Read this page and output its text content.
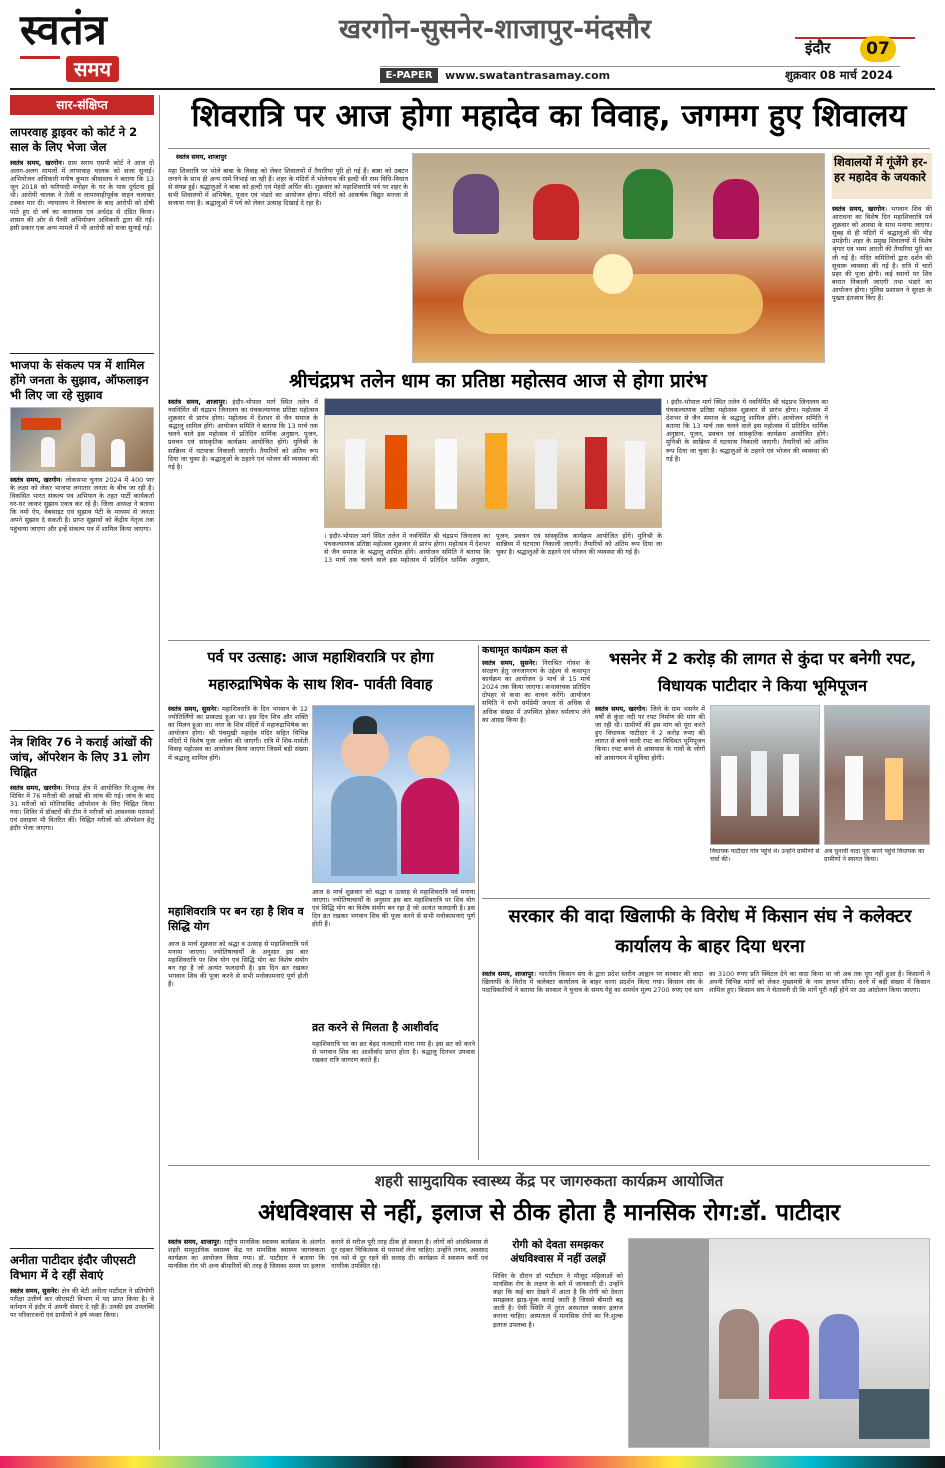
स्वतंत्र
समय
खरगोन-सुसनेर-शाजापुर-मंदसौर
इंदौर	07
E-PAPER	www.swatantrasamay.com	शुक्रवार 08 मार्च 2024
सार-संक्षिप्त
लापरवाह ड्राइवर को कोर्ट ने 2 साल के लिए भेजा जेल
स्वतंत्र समय, खरगोन। ग्राम सराय एसपी कोर्ट ने आज दो अलग-अलग मामलों में लापरवाह चालक को सजा सुनाई। अभियोजन अधिकारी मनीष कुमार श्रीवास्तव ने बताया कि 13 जून 2018 को फरियादी मनोहर के घर के पास दुर्घटना हुई थी। आरोपी चालक ने तेजी व लापरवाहीपूर्वक वाहन चलाकर टक्कर मार दी। न्यायालय ने विचारण के बाद आरोपी को दोषी पाते हुए दो वर्ष का कारावास एवं अर्थदंड से दंडित किया। शासन की ओर से पैरवी अभियोजन अधिकारी द्वारा की गई। इसी प्रकार एक अन्य मामले में भी आरोपी को सजा सुनाई गई।
भाजपा के संकल्प पत्र में शामिल होंगे जनता के सुझाव, ऑफलाइन भी लिए जा रहे सुझाव
स्वतंत्र समय, खरगोन। लोकसभा चुनाव 2024 में 400 पार के लक्ष्य को लेकर भाजपा लगातार जनता के बीच जा रही है। विकसित भारत संकल्प पत्र अभियान के तहत पार्टी कार्यकर्ता घर-घर जाकर सुझाव एकत्र कर रहे हैं। जिला अध्यक्ष ने बताया कि नमो ऐप, वेबसाइट एवं सुझाव पेटी के माध्यम से जनता अपने सुझाव दे सकती है। प्राप्त सुझावों को केंद्रीय नेतृत्व तक पहुंचाया जाएगा और इन्हें संकल्प पत्र में शामिल किया जाएगा।
नेत्र शिविर 76 ने कराई आंखों की जांच, ऑपरेशन के लिए 31 लोग चिह्नित
स्वतंत्र समय, खरगोन। निमाड़ क्षेत्र में आयोजित नि:शुल्क नेत्र शिविर में 76 मरीजों की आंखों की जांच की गई। जांच के बाद 31 मरीजों को मोतियाबिंद ऑपरेशन के लिए चिह्नित किया गया। शिविर में डॉक्टरों की टीम ने मरीजों को आवश्यक परामर्श एवं दवाइयां भी वितरित कीं। चिह्नित मरीजों को ऑपरेशन हेतु इंदौर भेजा जाएगा।
अनीता पाटीदार इंदौर जीएसटी विभाग में दे रहीं सेवाएं
स्वतंत्र समय, सुसनेर। क्षेत्र की बेटी अनीता पाटीदार ने प्रतियोगी परीक्षा उत्तीर्ण कर जीएसटी विभाग में पद प्राप्त किया है। वे वर्तमान में इंदौर में अपनी सेवाएं दे रही हैं। उनकी इस उपलब्धि पर परिवारजनों एवं ग्रामीणों ने हर्ष व्यक्त किया।
शिवरात्रि पर आज होगा महादेव का विवाह, जगमग हुए शिवालय
स्वतंत्र समय, शाजापुर
महा शिवरात्रि पर भोले बाबा के विवाह को लेकर शिवालयों में तैयारियां पूरी हो गई हैं। बाबा को उबटन लगाने के साथ ही अन्य रस्में निभाई जा रही हैं। शहर के मंदिरों में भोलेनाथ की हल्दी की रस्म विधि-विधान से संपन्न हुई। श्रद्धालुओं ने बाबा को हल्दी एवं मेहंदी अर्पित की। शुक्रवार को महाशिवरात्रि पर्व पर शहर के सभी शिवालयों में अभिषेक, पूजन एवं भंडारे का आयोजन होगा। मंदिरों को आकर्षक विद्युत सज्जा से सजाया गया है। श्रद्धालुओं में पर्व को लेकर उत्साह दिखाई दे रहा है।
शिवालयों में गूंजेंगे हर-हर महादेव के जयकारे
स्वतंत्र समय, खरगोन। भगवान शिव की आराधना का विशेष दिन महाशिवरात्रि पर्व शुक्रवार को आस्था के साथ मनाया जाएगा। सुबह से ही मंदिरों में श्रद्धालुओं की भीड़ उमड़ेगी। शहर के प्रमुख शिवालयों में विशेष श्रृंगार एवं भस्म आरती की तैयारियां पूरी कर ली गई हैं। मंदिर समितियों द्वारा दर्शन की सुचारू व्यवस्था की गई है। रात्रि में चारों प्रहर की पूजा होगी। कई स्थानों पर शिव बारात निकाली जाएगी तथा भंडारे का आयोजन होगा। पुलिस प्रशासन ने सुरक्षा के पुख्ता इंतजाम किए हैं।
श्रीचंद्रप्रभ तलेन धाम का प्रतिष्ठा महोत्सव आज से होगा प्रारंभ
स्वतंत्र समय, शाजापुर। इंदौर-भोपाल मार्ग स्थित तलेन में नवनिर्मित श्री चंद्रप्रभ जिनालय का पंचकल्याणक प्रतिष्ठा महोत्सव शुक्रवार से प्रारंभ होगा। महोत्सव में देशभर से जैन समाज के श्रद्धालु शामिल होंगे। आयोजन समिति ने बताया कि 13 मार्च तक चलने वाले इस महोत्सव में प्रतिदिन धार्मिक अनुष्ठान, पूजन, प्रवचन एवं सांस्कृतिक कार्यक्रम आयोजित होंगे। मुनिश्री के सान्निध्य में घटयात्रा निकाली जाएगी। तैयारियों को अंतिम रूप दिया जा चुका है। श्रद्धालुओं के ठहरने एवं भोजन की व्यवस्था की गई है।
। इंदौर-भोपाल मार्ग स्थित तलेन में नवनिर्मित श्री चंद्रप्रभ जिनालय का पंचकल्याणक प्रतिष्ठा महोत्सव शुक्रवार से प्रारंभ होगा। महोत्सव में देशभर से जैन समाज के श्रद्धालु शामिल होंगे। आयोजन समिति ने बताया कि 13 मार्च तक चलने वाले इस महोत्सव में प्रतिदिन धार्मिक अनुष्ठान, पूजन, प्रवचन एवं सांस्कृतिक कार्यक्रम आयोजित होंगे। मुनिश्री के सान्निध्य में घटयात्रा निकाली जाएगी। तैयारियों को अंतिम रूप दिया जा चुका है। श्रद्धालुओं के ठहरने एवं भोजन की व्यवस्था की गई है।
। इंदौर-भोपाल मार्ग स्थित तलेन में नवनिर्मित श्री चंद्रप्रभ जिनालय का पंचकल्याणक प्रतिष्ठा महोत्सव शुक्रवार से प्रारंभ होगा। महोत्सव में देशभर से जैन समाज के श्रद्धालु शामिल होंगे। आयोजन समिति ने बताया कि 13 मार्च तक चलने वाले इस महोत्सव में प्रतिदिन धार्मिक अनुष्ठान, पूजन, प्रवचन एवं सांस्कृतिक कार्यक्रम आयोजित होंगे। मुनिश्री के सान्निध्य में घटयात्रा निकाली जाएगी। तैयारियों को अंतिम रूप दिया जा चुका है। श्रद्धालुओं के ठहरने एवं भोजन की व्यवस्था की गई है।
पर्व पर उत्साह: आज महाशिवरात्रि पर होगा महारुद्राभिषेक के साथ शिव- पार्वती विवाह
स्वतंत्र समय, सुसनेर। महाशिवरात्रि के दिन भगवान के 12 ज्योतिर्लिंगों का प्राकट्य हुआ था। इस दिन शिव और शक्ति का मिलन हुआ था। नगर के शिव मंदिरों में महारुद्राभिषेक का आयोजन होगा। श्री पंचमुखी महादेव मंदिर सहित विभिन्न मंदिरों में विशेष पूजा अर्चना की जाएगी। रात्रि में शिव-पार्वती विवाह महोत्सव का आयोजन किया जाएगा जिसमें बड़ी संख्या में श्रद्धालु शामिल होंगे।
महाशिवरात्रि पर बन रहा है शिव व सिद्धि योग
आज 8 मार्च शुक्रवार को श्रद्धा व उत्साह से महाशिवरात्रि पर्व मनाया जाएगा। ज्योतिषाचार्यों के अनुसार इस बार महाशिवरात्रि पर शिव योग एवं सिद्धि योग का विशेष संयोग बन रहा है जो अत्यंत फलदायी है। इस दिन व्रत रखकर भगवान शिव की पूजा करने से सभी मनोकामनाएं पूर्ण होती हैं।
आज 8 मार्च शुक्रवार को श्रद्धा व उत्साह से महाशिवरात्रि पर्व मनाया जाएगा। ज्योतिषाचार्यों के अनुसार इस बार महाशिवरात्रि पर शिव योग एवं सिद्धि योग का विशेष संयोग बन रहा है जो अत्यंत फलदायी है। इस दिन व्रत रखकर भगवान शिव की पूजा करने से सभी मनोकामनाएं पूर्ण होती हैं।
व्रत करने से मिलता है आशीर्वाद
महाशिवरात्रि पर का व्रत बेहद फलदायी माना गया है। इस व्रत को करने से भगवान शिव का आशीर्वाद प्राप्त होता है। श्रद्धालु दिनभर उपवास रखकर रात्रि जागरण करते हैं।
कथामृत कार्यक्रम कल से
स्वतंत्र समय, सुसनेर। निराश्रित गोवंश के संरक्षण हेतु जनजागरण के उद्देश्य से कथामृत कार्यक्रम का आयोजन 9 मार्च से 15 मार्च 2024 तक किया जाएगा। कथावाचक प्रतिदिन दोपहर से कथा का वाचन करेंगे। आयोजन समिति ने सभी धर्मप्रेमी जनता से अधिक से अधिक संख्या में उपस्थित होकर धर्मलाभ लेने का आग्रह किया है।
भसनेर में 2 करोड़ की लागत से कुंदा पर बनेगी रपट, विधायक पाटीदार ने किया भूमिपूजन
स्वतंत्र समय, खरगोन। जिले के ग्राम भसनेर में वर्षों से कुंदा नदी पर रपट निर्माण की मांग की जा रही थी। ग्रामीणों की इस मांग को पूरा करते हुए विधायक पाटीदार ने 2 करोड़ रुपए की लागत से बनने वाली रपट का विधिवत भूमिपूजन किया। रपट बनने से आसपास के गांवों के लोगों को आवागमन में सुविधा होगी।
विधायक पाटीदार गांव पहुंचे थे। उन्होंने ग्रामीणों से चर्चा की।
अब चुनावी वादा पूरा करने पहुंचे विधायक का ग्रामीणों ने स्वागत किया।
सरकार की वादा खिलाफी के विरोध में किसान संघ ने कलेक्टर कार्यालय के बाहर दिया धरना
स्वतंत्र समय, शाजापुर। भारतीय किसान संघ के द्वारा प्रदेश स्तरीय आह्वान पर सरकार की वादा खिलाफी के विरोध में कलेक्टर कार्यालय के बाहर धरना प्रदर्शन किया गया। किसान संघ के पदाधिकारियों ने बताया कि सरकार ने चुनाव के समय गेहूं का समर्थन मूल्य 2700 रुपए एवं धान का 3100 रुपए प्रति क्विंटल देने का वादा किया था जो अब तक पूरा नहीं हुआ है। किसानों ने अपनी विभिन्न मांगों को लेकर मुख्यमंत्री के नाम ज्ञापन सौंपा। धरने में बड़ी संख्या में किसान शामिल हुए। किसान संघ ने चेतावनी दी कि मांगें पूरी नहीं होने पर उग्र आंदोलन किया जाएगा।
शहरी सामुदायिक स्वास्थ्य केंद्र पर जागरुकता कार्यक्रम आयोजित
अंधविश्वास से नहीं, इलाज से ठीक होता है मानसिक रोग:डॉ. पाटीदार
स्वतंत्र समय, शाजापुर। राष्ट्रीय मानसिक स्वास्थ्य कार्यक्रम के अंतर्गत शहरी सामुदायिक स्वास्थ्य केंद्र पर मानसिक स्वास्थ्य जागरुकता कार्यक्रम का आयोजन किया गया। डॉ. पाटीदार ने बताया कि मानसिक रोग भी अन्य बीमारियों की तरह है जिसका समय पर इलाज कराने से मरीज पूरी तरह ठीक हो सकता है। लोगों को अंधविश्वास से दूर रहकर चिकित्सक से परामर्श लेना चाहिए। उन्होंने तनाव, अवसाद एवं नशे से दूर रहने की सलाह दी। कार्यक्रम में स्वास्थ्य कर्मी एवं नागरिक उपस्थित रहे।
रोगी को देवता समझकर अंधविश्वास में नहीं उलझें
शिविर के दौरान डॉ पाटीदार ने मौजूद महिलाओं को मानसिक रोग के लक्षण के बारे में जानकारी दी। उन्होंने कहा कि कई बार देखने में आता है कि रोगी को देवता समझकर झाड़-फूंक कराई जाती है जिससे बीमारी बढ़ जाती है। ऐसी स्थिति में तुरंत अस्पताल जाकर इलाज कराना चाहिए। अस्पताल में मानसिक रोगों का नि:शुल्क इलाज उपलब्ध है।
